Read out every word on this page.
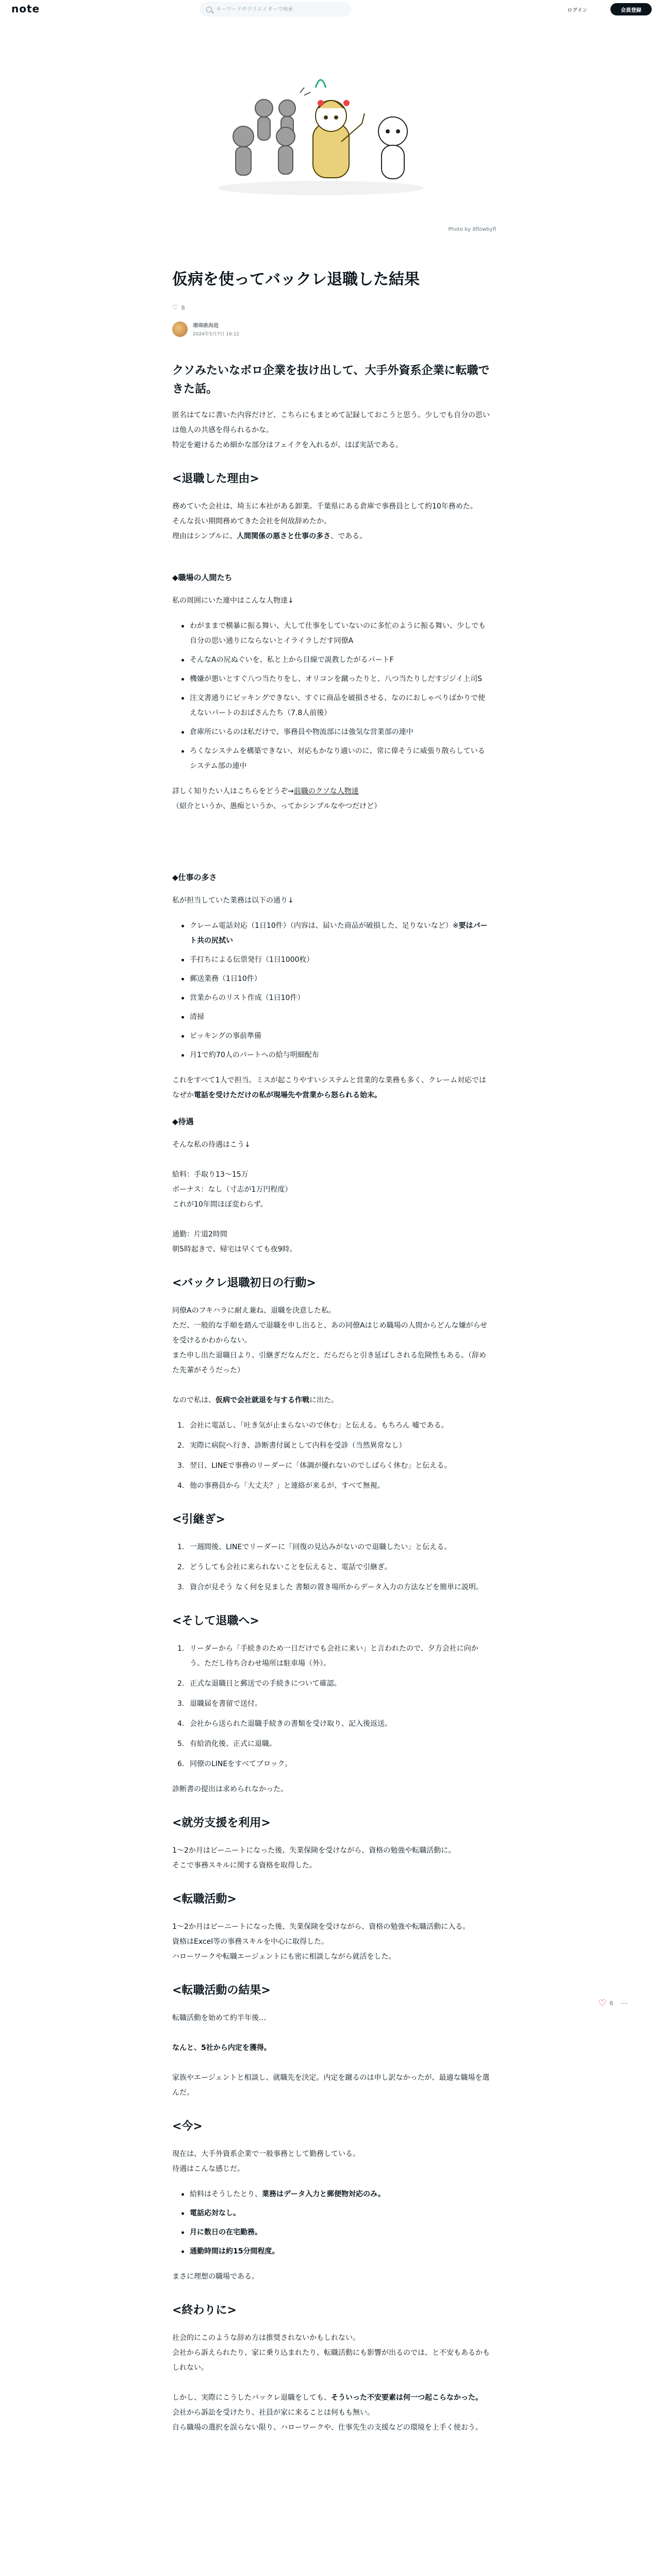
note
キーワードやクリエイターで検索	ログイン	会員登録
Photo by 8flowbyfl
仮病を使ってバックレ退職した結果
♡ 8
珊瑚礁海遊
2024年5月7日 16:12
クソみたいなボロ企業を抜け出して、大手外資系企業に転職できた話。

匿名はてなに書いた内容だけど、こちらにもまとめて記録しておこうと思う。少しでも自分の思いは他人の共感を得られるかな。

特定を避けるため細かな部分はフェイクを入れるが、ほぼ実話である。

<退職した理由>

務めていた会社は、埼玉に本社がある卸業。千葉県にある倉庫で事務員として約10年務めた。

そんな長い期間務めてきた会社を何故辞めたか。

理由はシンプルに、人間関係の悪さと仕事の多さ、である。

◆職場の人間たち

私の周囲にいた連中はこんな人物達↓

わがままで横暴に振る舞い、大して仕事をしていないのに多忙のように振る舞い、少しでも自分の思い通りにならないとイライラしだす同僚A
そんなAの尻ぬぐいを、私と上から目線で説教したがるパートF
機嫌が悪いとすぐ八つ当たりをし、オリコンを蹴ったりと、八つ当たりしだすジジイ上司S
注文書通りにピッキングできない、すぐに商品を破損させる、なのにおしゃべりばかりで使えないパートのおばさんたち（7.8人前後）
倉庫所にいるのは私だけで、事務員や物流部には強気な営業部の連中
ろくなシステムを構築できない、対応もかなり適いのに、常に偉そうに威張り散らしているシステム部の連中

詳しく知りたい人はこちらをどうぞ→前職のクソな人物達

（紹介というか、愚痴というか、ってかシンプルなやつだけど）

◆仕事の多さ

私が担当していた業務は以下の通り↓

クレーム電話対応（1日10件）（内容は、届いた商品が破損した、足りないなど）※要はパート共の尻拭い
手打ちによる伝票発行（1日1000枚）
郵送業務（1日10件）
営業からのリスト作成（1日10件）
清掃
ピッキングの事前準備
月1で約70人のパートへの給与明細配布

これをすべて1人で担当。ミスが起こりやすいシステムと営業的な業務も多く、クレーム対応ではなぜか電話を受けただけの私が現場先や営業から怒られる始末。

◆待遇

そんな私の待遇はこう↓

給料：手取り13～15万

ボーナス：なし（寸志が1万円程度）

これが10年間ほぼ変わらず。

通勤：片道2時間

朝5時起きで、帰宅は早くても夜9時。

<バックレ退職初日の行動>

同僚Aのフキハラに耐え兼ね、退職を決意した私。

ただ、一般的な手順を踏んで退職を申し出ると、あの同僚Aはじめ職場の人間からどんな嫌がらせを受けるかわからない。

また申し出た退職日より、引継ぎだなんだと、だらだらと引き延ばしされる危険性もある。（辞めた先輩がそうだった）

なので私は、仮病で会社就退を与する作戦に出た。

1. 会社に電話し、「吐き気が止まらないので休む」と伝える。もちろん 嘘である。
2. 実際に病院へ行き、診断書付属として内科を受診（当然異常なし）
3. 翌日、LINEで事務のリーダーに「体調が優れないのでしばらく休む」と伝える。
4. 他の事務員から「大丈夫？」と連絡が来るが、すべて無視。
<引継ぎ>
1. 一週間後、LINEでリーダーに「回復の見込みがないので退職したい」と伝える。
2. どうしても会社に来られないことを伝えると、電話で引継ぎ。
3. 資合が見そう なく何を見ました 書類の置き場所からデータ入力の方法などを簡単に説明。
<そして退職へ>
1. リーダーから「手続きのため一日だけでも会社に来い」と言われたので、夕方会社に向かう。ただし待ち合わせ場所は駐車場（外）。
2. 正式な退職日と郵送での手続きについて確認。
3. 退職届を書留で送付。
4. 会社から送られた退職手続きの書類を受け取り、記入後返送。
5. 有給消化後、正式に退職。
6. 同僚のLINEをすべてブロック。

診断書の提出は求められなかった。

<就労支援を利用>

1〜2か月はビーニートになった後、失業保険を受けながら、資格の勉強や転職活動に。

そこで事務スキルに関する資格を取得した。

<転職活動>

1〜2か月はビーニートになった後、失業保険を受けながら、資格の勉強や転職活動に入る。

資格はExcel等の事務スキルを中心に取得した。

ハローワークや転職エージェントにも密に相談しながら就活をした。

<転職活動の結果>

転職活動を始めて約半年後…

なんと、5社から内定を獲得。

家族やエージェントと相談し、就職先を決定。内定を蹴るのは申し訳なかったが、最適な職場を選んだ。

<今>

現在は、大手外資系企業で一般事務として勤務している。

待遇はこんな感じだ。

給料はそうしたとり、業務はデータ入力と郵便物対応のみ。
電話応対なし。
月に数日の在宅勤務。
通勤時間は約15分間程度。

まさに理想の職場である。

<終わりに>

社会的にこのような辞め方は推奨されないかもしれない。

会社から訴えられたり、家に乗り込まれたり、転職活動にも影響が出るのでは、と不安もあるかもしれない。

しかし、実際にこうしたバックレ退職をしても、そういった不安要素は何一つ起こらなかった。

会社から訴訟を受けたり、社員が家に来ることは何もも無い。

自ら職場の選択を誤らない限り、ハローワークや、仕事先生の支援などの環境を上手く使おう。

♡ 8 ⋯
